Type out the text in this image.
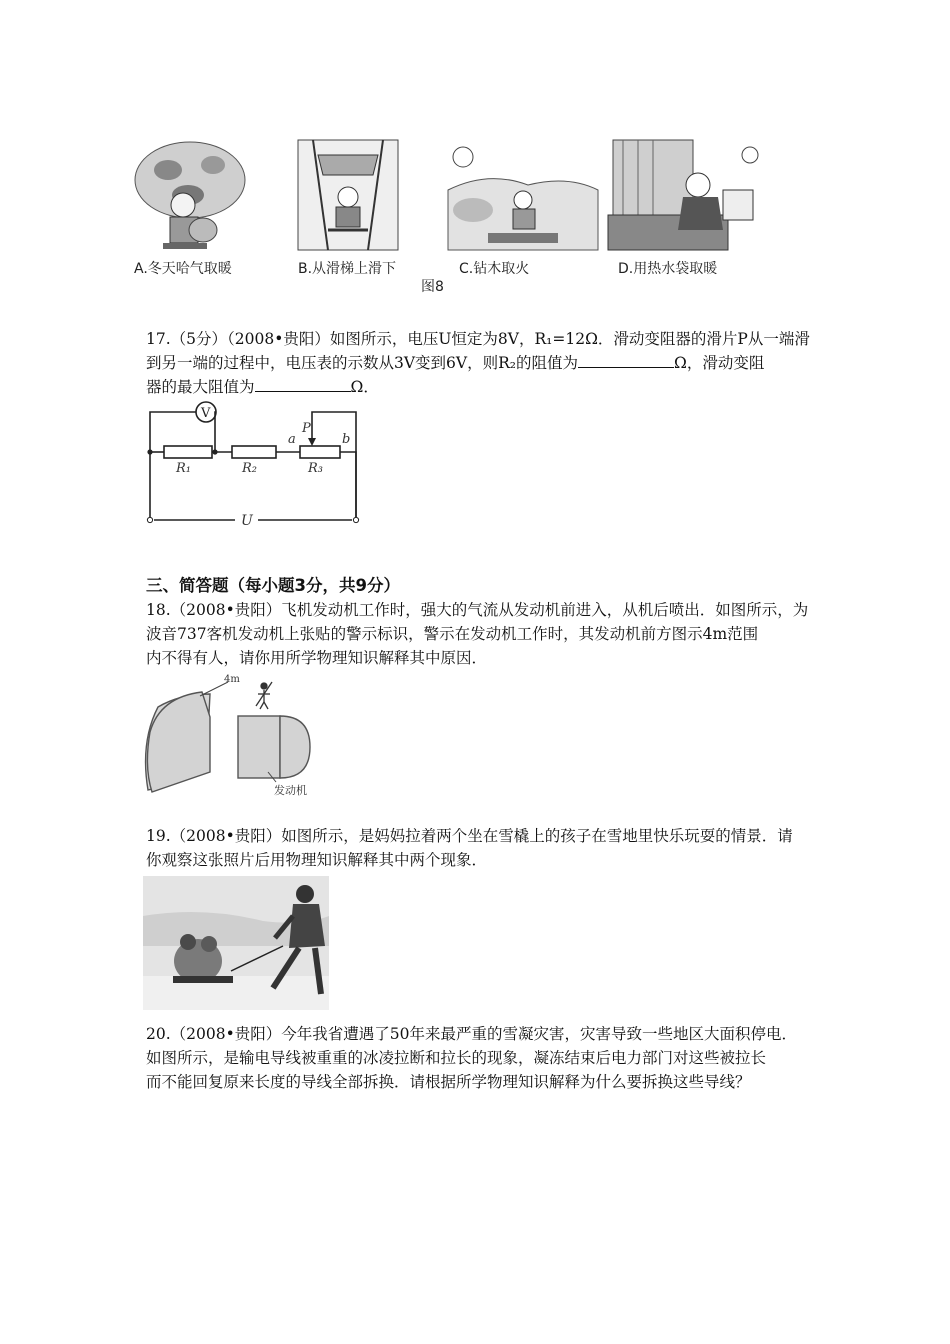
A.冬天哈气取暖	B.从滑梯上滑下	C.钻木取火	D.用热水袋取暖
图8
17.（5分）（2008•贵阳）如图所示，电压U恒定为8V，R₁=12Ω．滑动变阻器的滑片P从一端滑
到另一端的过程中，电压表的示数从3V变到6V，则R₂的阻值为	Ω，滑动变阻
器的最大阻值为	Ω．
V
R₁	R₂	R₃
a	b
P
U
三、简答题（每小题3分，共9分）
18.（2008•贵阳）飞机发动机工作时，强大的气流从发动机前进入，从机后喷出．如图所示，为
波音737客机发动机上张贴的警示标识，警示在发动机工作时，其发动机前方图示4m范围
内不得有人，请你用所学物理知识解释其中原因．
4m
发动机
19.（2008•贵阳）如图所示，是妈妈拉着两个坐在雪橇上的孩子在雪地里快乐玩耍的情景．请
你观察这张照片后用物理知识解释其中两个现象．
20.（2008•贵阳）今年我省遭遇了50年来最严重的雪凝灾害，灾害导致一些地区大面积停电．
如图所示，是输电导线被重重的冰凌拉断和拉长的现象，凝冻结束后电力部门对这些被拉长
而不能回复原来长度的导线全部拆换．请根据所学物理知识解释为什么要拆换这些导线？
